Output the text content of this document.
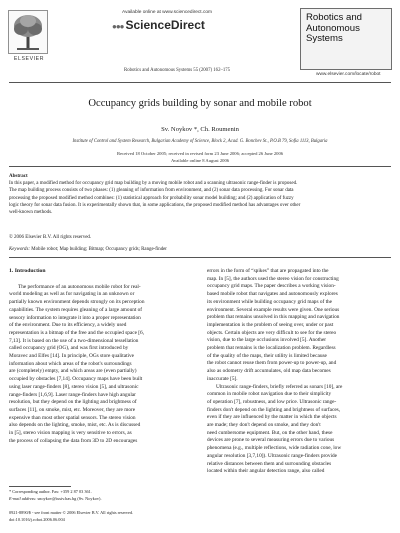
ELSEVIER
Available online at www.sciencedirect.com
●●● ScienceDirect
Robotics and Autonomous Systems 55 (2007) 162–175
Robotics and
Autonomous
Systems
www.elsevier.com/locate/robot
Occupancy grids building by sonar and mobile robot
Sv. Noykov *, Ch. Roumenin
Institute of Control and System Research, Bulgarian Academy of Science, Block 2, Acad. G. Bonchev St., P.O.B 79, Sofia 1113, Bulgaria
Received 18 October 2005; received in revised form 23 June 2006; accepted 26 June 2006
Available online 8 August 2006
Abstract
In this paper, a modified method for occupancy grid map building by a moving mobile robot and a scanning ultrasonic range-finder is proposed.
The map building process consists of two phases: (1) gleaning of information from environment, and (2) sonar data processing. For sonar data
processing the proposed modified method combines: (1) statistical approach for probability sonar model building; and (2) application of fuzzy
logic theory for sonar data fusion. It is experimentally shown that, in some applications, the proposed modified method has advantages over other
well-known methods.
© 2006 Elsevier B.V. All rights reserved.
Keywords: Mobile robot; Map building; Bitmap; Occupancy grids; Range-finder

1. Introduction

The performance of an autonomous mobile robot for real-
world modeling as well as for navigating in an unknown or
partially known environment depends strongly on its perception
capabilities. The system requires gleaning of a large amount of
sensory information to integrate it into a proper representation
of the environment. Due to its efficiency, a widely used
representation is a bitmap of the free and the occupied space [6,
7,13]. It is based on the use of a two-dimensional tessellation
called occupancy grid (OG), and was first introduced by
Moravec and Elfes [14]. In principle, OGs store qualitative
information about which areas of the robot's surroundings
are (completely) empty, and which areas are (even partially)
occupied by obstacles [7,14]. Occupancy maps have been built
using laser range-finders [8], stereo vision [5], and ultrasonic
range-finders [1,6,9]. Laser range-finders have high angular
resolution, but they depend on the lighting and brightness of
surfaces [11], on smoke, mist, etc. Moreover, they are more
expensive than most other spatial sensors. The stereo vision
also depends on the lighting, smoke, mist, etc. As is discussed
in [5], stereo vision mapping is very sensitive to errors, as
the process of collapsing the data from 3D to 2D encourages

errors in the form of “spikes” that are propagated into the
map. In [5], the authors used the stereo vision for constructing
occupancy grid maps. The paper describes a working vision-
based mobile robot that navigates and autonomously explores
its environment while building occupancy grid maps of the
environment. Several example results were given. One serious
problem that remains unsolved in this mapping and navigation
implementation is the problem of seeing over, under or past
objects. Certain objects are very difficult to see for the stereo
vision, due to the large occlusions involved [5]. Another
problem that remains is the localization problem. Regardless
of the quality of the maps, their utility is limited because
the robot cannot reuse them from power-up to power-up, and
also as odometry drift accumulates, old map data becomes
inaccurate [5].

Ultrasonic range-finders, briefly referred as sonars [10], are
common in mobile robot navigation due to their simplicity
of operation [7], robustness, and low price. Ultrasonic range-
finders don't depend on the lighting and brightness of surfaces,
even if they are influenced by the matter in which the objects
are made; they don't depend on smoke, and they don't
need cumbersome equipment. But, on the other hand, these
devices are prone to several measuring errors due to various
phenomena (e.g., multiple reflections, wide radiation cone, low
angular resolution [3,7,10]). Ultrasonic range-finders provide
relative distances between them and surrounding obstacles
located within their angular detection range, also called

* Corresponding author. Fax: +359 2 87 03 361.
E-mail address: snoykov@iusiv.bas.bg (Sv. Noykov).
0921-8890/$ - see front matter © 2006 Elsevier B.V. All rights reserved.
doi:10.1016/j.robot.2006.06.004
